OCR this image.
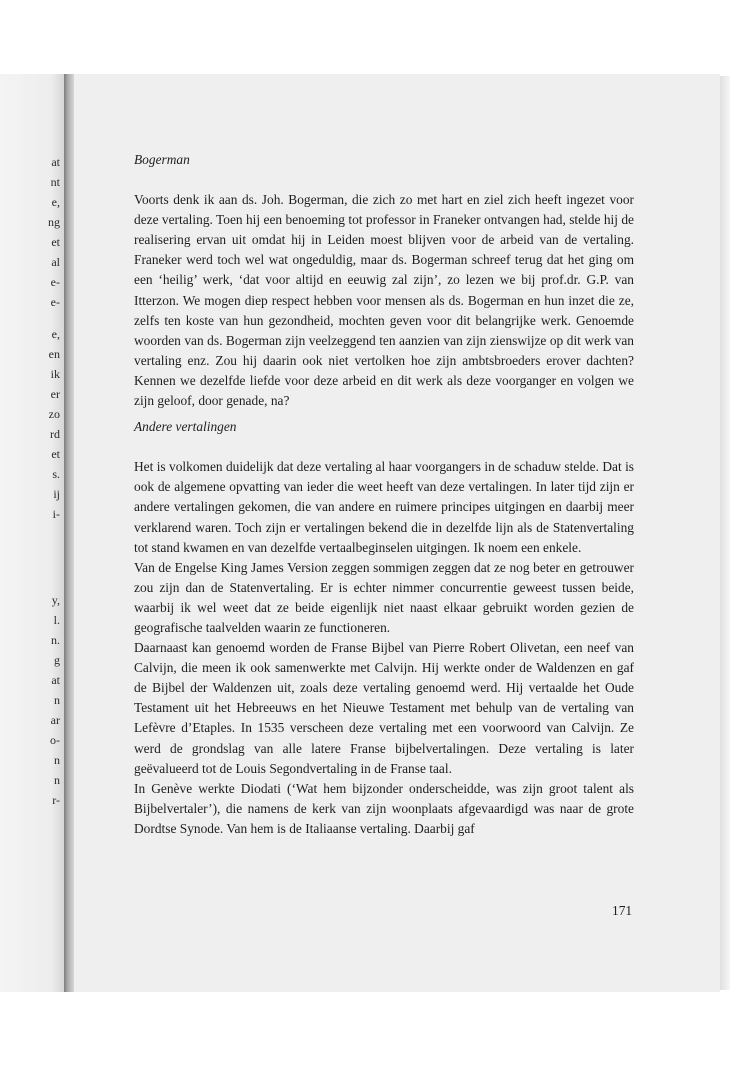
at
nt
e,
ng
et
al
e-
e-
e,
en
ik
er
zo
rd
et
s.
ij
i-
y,
l.
n.
g
at
n
ar
o-
n
n
r-

Bogerman

Voorts denk ik aan ds. Joh. Bogerman, die zich zo met hart en ziel zich heeft ingezet voor deze vertaling. Toen hij een benoeming tot professor in Franeker ontvangen had, stelde hij de realisering ervan uit omdat hij in Leiden moest blijven voor de arbeid van de vertaling. Franeker werd toch wel wat ongeduldig, maar ds. Bogerman schreef terug dat het ging om een ‘heilig’ werk, ‘dat voor altijd en eeuwig zal zijn’, zo lezen we bij prof.dr. G.P. van Itterzon. We mogen diep respect hebben voor mensen als ds. Bogerman en hun inzet die ze, zelfs ten koste van hun gezondheid, mochten geven voor dit belangrijke werk. Genoemde woorden van ds. Bogerman zijn veelzeggend ten aanzien van zijn zienswijze op dit werk van vertaling enz. Zou hij daarin ook niet vertolken hoe zijn ambtsbroeders erover dachten? Kennen we dezelfde liefde voor deze arbeid en dit werk als deze voorganger en volgen we zijn geloof, door genade, na?

Andere vertalingen

Het is volkomen duidelijk dat deze vertaling al haar voorgangers in de schaduw stelde. Dat is ook de algemene opvatting van ieder die weet heeft van deze vertalingen. In later tijd zijn er andere vertalingen gekomen, die van andere en ruimere principes uitgingen en daarbij meer verklarend waren. Toch zijn er vertalingen bekend die in dezelfde lijn als de Statenvertaling tot stand kwamen en van dezelfde vertaalbeginselen uitgingen. Ik noem een enkele.

Van de Engelse King James Version zeggen sommigen zeggen dat ze nog beter en getrouwer zou zijn dan de Statenvertaling. Er is echter nimmer concurrentie geweest tussen beide, waarbij ik wel weet dat ze beide eigenlijk niet naast elkaar gebruikt worden gezien de geografische taalvelden waarin ze functioneren.

Daarnaast kan genoemd worden de Franse Bijbel van Pierre Robert Olivetan, een neef van Calvijn, die meen ik ook samenwerkte met Calvijn. Hij werkte onder de Waldenzen en gaf de Bijbel der Waldenzen uit, zoals deze vertaling genoemd werd. Hij vertaalde het Oude Testament uit het Hebreeuws en het Nieuwe Testament met behulp van de vertaling van Lefèvre d’Etaples. In 1535 verscheen deze vertaling met een voorwoord van Calvijn. Ze werd de grondslag van alle latere Franse bijbelvertalingen. Deze vertaling is later geëvalueerd tot de Louis Segondvertaling in de Franse taal.

In Genève werkte Diodati (‘Wat hem bijzonder onderscheidde, was zijn groot talent als Bijbelvertaler’), die namens de kerk van zijn woonplaats afgevaardigd was naar de grote Dordtse Synode. Van hem is de Italiaanse vertaling. Daarbij gaf

171
